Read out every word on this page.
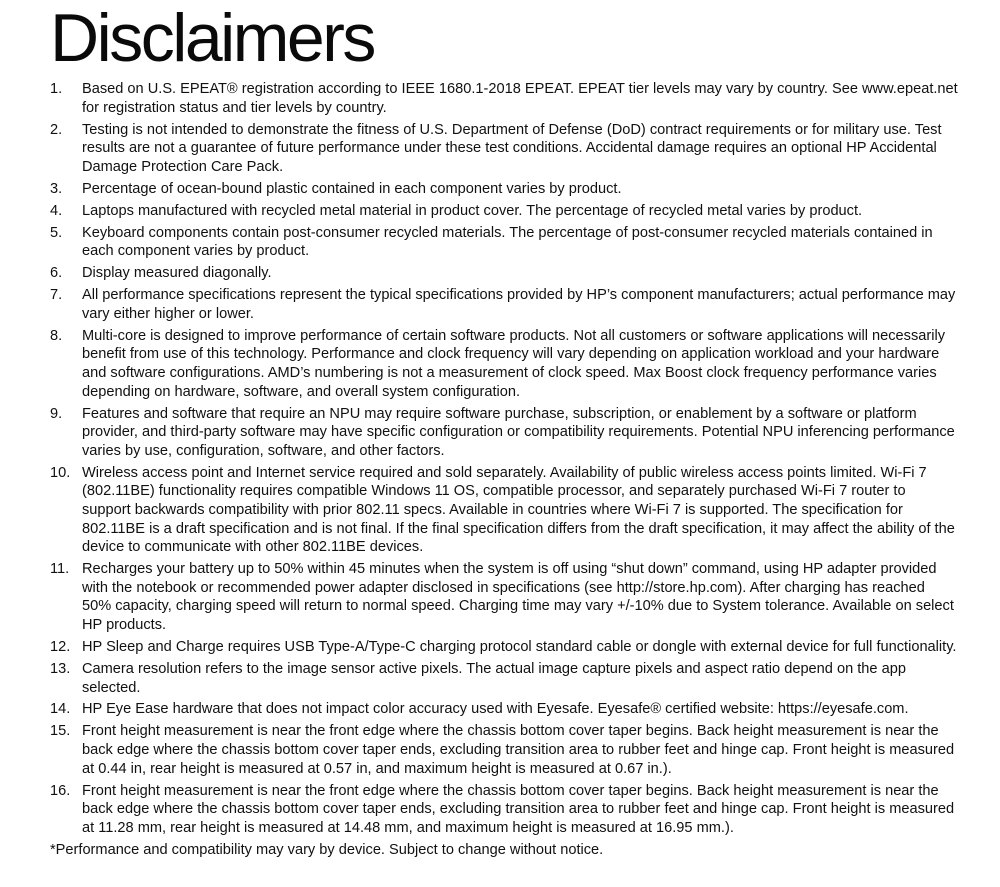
Disclaimers
1.	Based on U.S. EPEAT® registration according to IEEE 1680.1-2018 EPEAT. EPEAT tier levels may vary by country. See www.epeat.net for registration status and tier levels by country.
2.	Testing is not intended to demonstrate the fitness of U.S. Department of Defense (DoD) contract requirements or for military use. Test results are not a guarantee of future performance under these test conditions. Accidental damage requires an optional HP Accidental Damage Protection Care Pack.
3.	Percentage of ocean-bound plastic contained in each component varies by product.
4.	Laptops manufactured with recycled metal material in product cover. The percentage of recycled metal varies by product.
5.	Keyboard components contain post-consumer recycled materials. The percentage of post-consumer recycled materials contained in each component varies by product.
6.	Display measured diagonally.
7.	All performance specifications represent the typical specifications provided by HP’s component manufacturers; actual performance may vary either higher or lower.
8.	Multi-core is designed to improve performance of certain software products. Not all customers or software applications will necessarily benefit from use of this technology. Performance and clock frequency will vary depending on application workload and your hardware and software configurations. AMD’s numbering is not a measurement of clock speed. Max Boost clock frequency performance varies depending on hardware, software, and overall system configuration.
9.	Features and software that require an NPU may require software purchase, subscription, or enablement by a software or platform provider, and third-party software may have specific configuration or compatibility requirements. Potential NPU inferencing performance varies by use, configuration, software, and other factors.
10. Wireless access point and Internet service required and sold separately. Availability of public wireless access points limited. Wi-Fi 7 (802.11BE) functionality requires compatible Windows 11 OS, compatible processor, and separately purchased Wi-Fi 7 router to support backwards compatibility with prior 802.11 specs. Available in countries where Wi-Fi 7 is supported. The specification for 802.11BE is a draft specification and is not final. If the final specification differs from the draft specification, it may affect the ability of the device to communicate with other 802.11BE devices.
11. Recharges your battery up to 50% within 45 minutes when the system is off using “shut down” command, using HP adapter provided with the notebook or recommended power adapter disclosed in specifications (see http://store.hp.com). After charging has reached 50% capacity, charging speed will return to normal speed. Charging time may vary +/-10% due to System tolerance. Available on select HP products.
12. HP Sleep and Charge requires USB Type-A/Type-C charging protocol standard cable or dongle with external device for full functionality.
13. Camera resolution refers to the image sensor active pixels. The actual image capture pixels and aspect ratio depend on the app selected.
14. HP Eye Ease hardware that does not impact color accuracy used with Eyesafe. Eyesafe® certified website: https://eyesafe.com.
15. Front height measurement is near the front edge where the chassis bottom cover taper begins. Back height measurement is near the back edge where the chassis bottom cover taper ends, excluding transition area to rubber feet and hinge cap. Front height is measured at 0.44 in, rear height is measured at 0.57 in, and maximum height is measured at 0.67 in.).
16. Front height measurement is near the front edge where the chassis bottom cover taper begins. Back height measurement is near the back edge where the chassis bottom cover taper ends, excluding transition area to rubber feet and hinge cap. Front height is measured at 11.28 mm, rear height is measured at 14.48 mm, and maximum height is measured at 16.95 mm.).
*Performance and compatibility may vary by device. Subject to change without notice.
